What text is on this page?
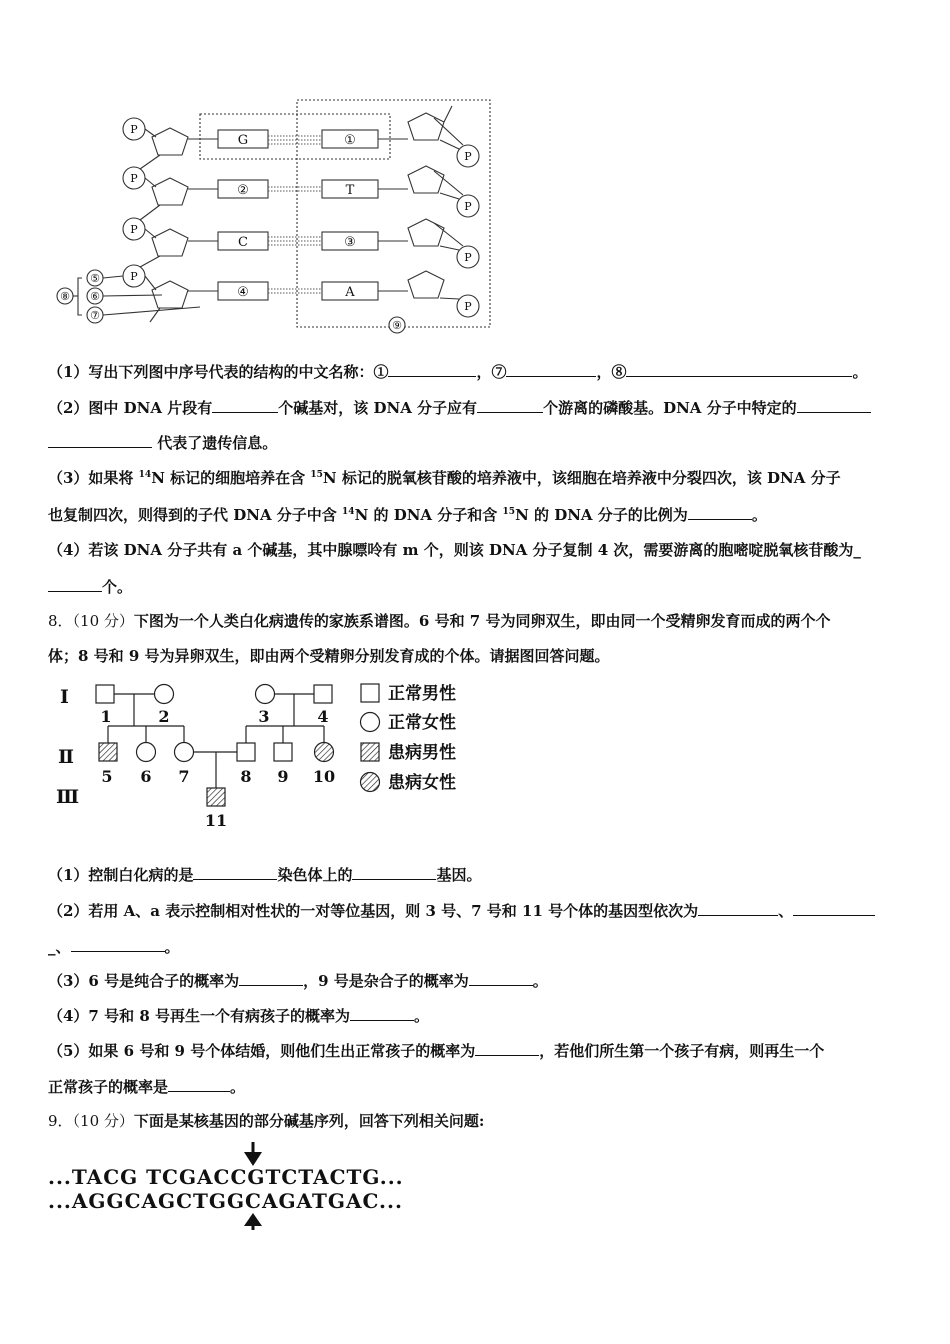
P
P
P
P
P
P
P
P
G
②
C
④
①
T
③
A
⑤
⑥
⑦
⑧
⑨
（1）写出下列图中序号代表的结构的中文名称：①	，⑦	，⑧	。
（2）图中 DNA 片段有	个碱基对，该 DNA 分子应有	个游离的磷酸基。DNA 分子中特定的
代表了遗传信息。
（3）如果将 $^{14}$N 标记的细胞培养在含 $^{15}$N 标记的脱氧核苷酸的培养液中，该细胞在培养液中分裂四次，该 DNA 分子
也复制四次，则得到的子代 DNA 分子中含 $^{14}$N 的 DNA 分子和含 $^{15}$N 的 DNA 分子的比例为	。
（4）若该 DNA 分子共有 a 个碱基，其中腺嘌呤有 m 个，则该 DNA 分子复制 4 次，需要游离的胞嘧啶脱氧核苷酸为_
个。
8．（10 分）下图为一个人类白化病遗传的家族系谱图。6 号和 7 号为同卵双生，即由同一个受精卵发育而成的两个个
体；8 号和 9 号为异卵双生，即由两个受精卵分别发育成的个体。请据图回答问题。
Ⅰ
Ⅱ
Ⅲ
1	2	3	4
5 6 7	8 9 10
11
正常男性
正常女性
患病男性
患病女性
（1）控制白化病的是	染色体上的	基因。
（2）若用 A、a 表示控制相对性状的一对等位基因，则 3 号、7 号和 11 号个体的基因型依次为	、
_、	。
（3）6 号是纯合子的概率为	，9 号是杂合子的概率为	。
（4）7 号和 8 号再生一个有病孩子的概率为	。
（5）如果 6 号和 9 号个体结婚，则他们生出正常孩子的概率为	，若他们所生第一个孩子有病，则再生一个
正常孩子的概率是	。
9．（10 分）下面是某核基因的部分碱基序列，回答下列相关问题:
...TACG TCGACCGTCTACTG...
...AGGCAGCTGGCAGATGAC...
